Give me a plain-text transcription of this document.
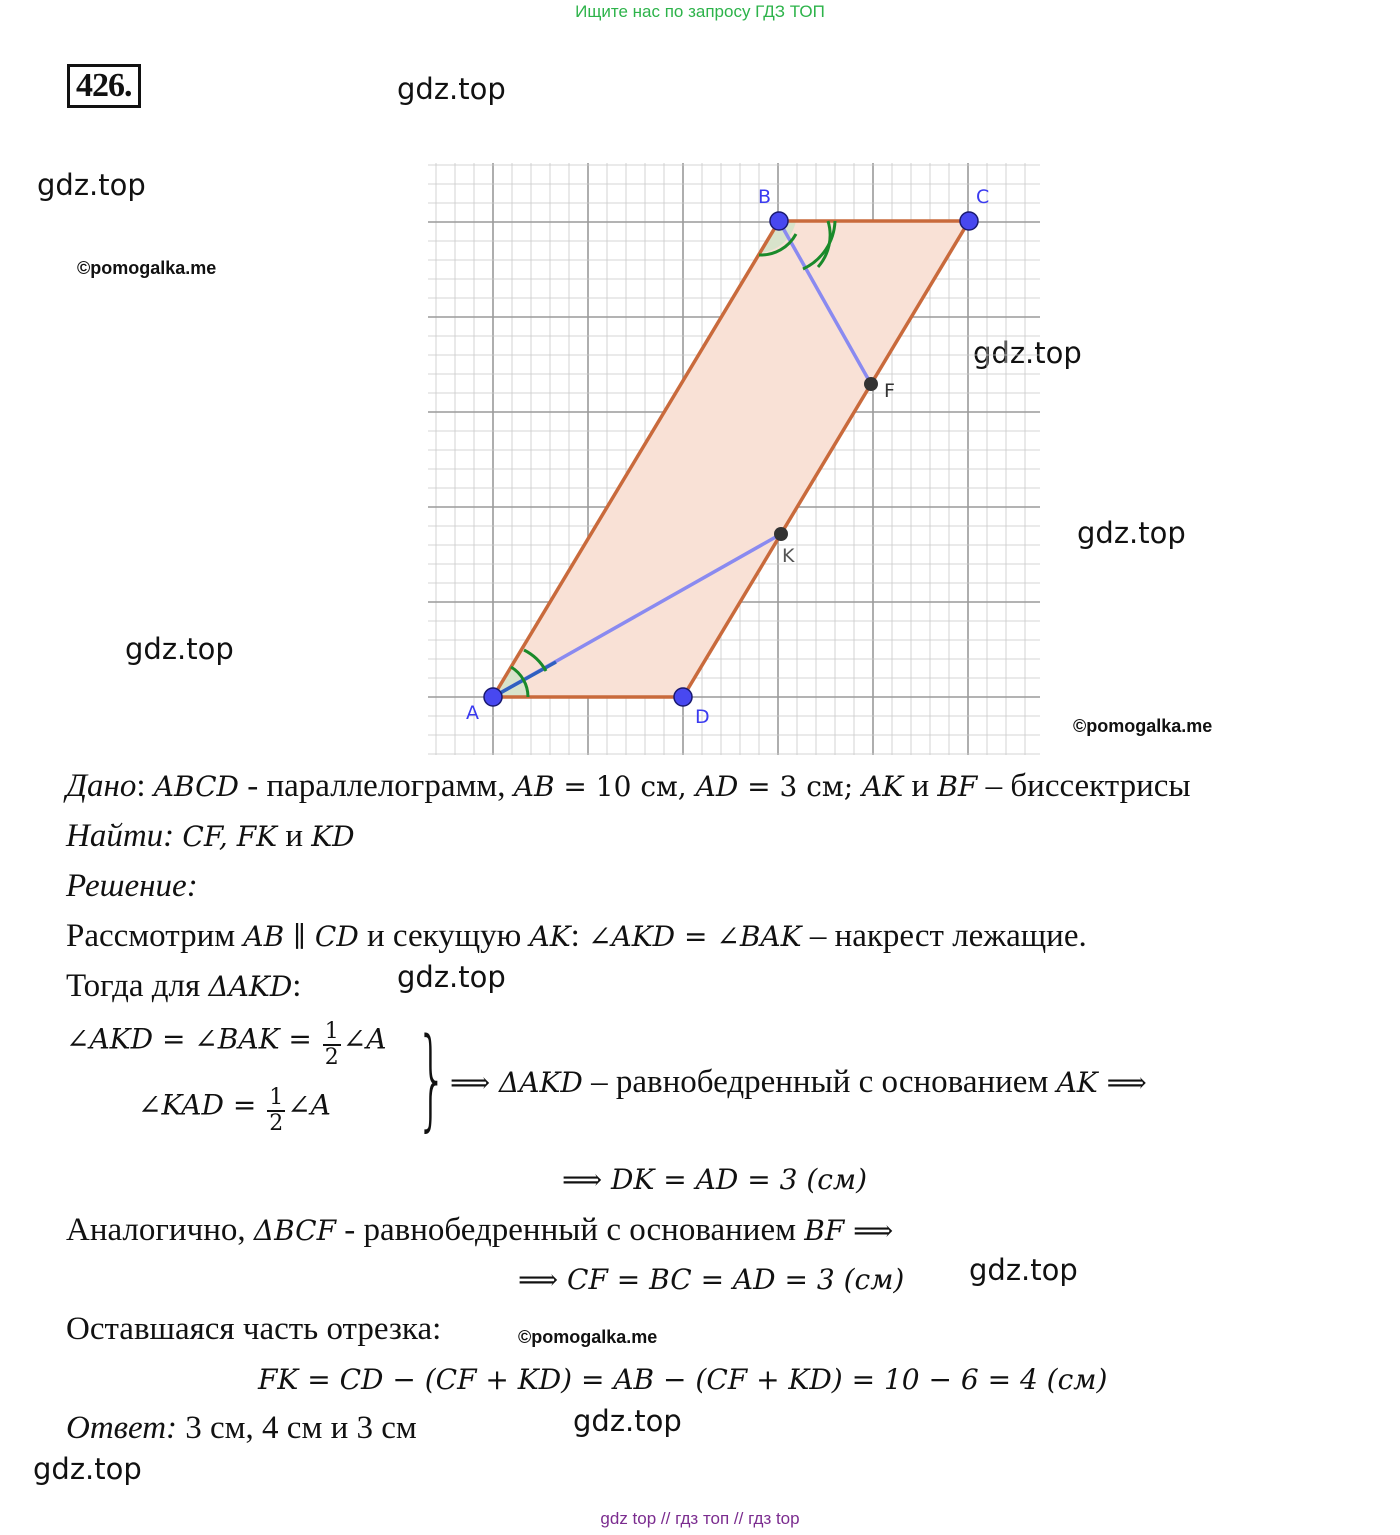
Ищите нас по запросу ГДЗ ТОП
426.	gdz.top
gdz.top
©pomogalka.me
gdz.top
gdz.top
gdz.top
©pomogalka.me
A
B	C
D
F
K
Дано: ABCD - параллелограмм, AB = 10 см, AD = 3 см; AK и BF – биссектрисы
Найти: CF, FK и KD
Решение:
Рассмотрим AB ∥ CD и секущую AK: ∠AKD = ∠BAK – накрест лежащие.
Тогда для ΔAKD:	gdz.top
∠AKD = ∠BAK = $\frac{1}{2}$ ∠A
∠KAD = $\frac{1}{2}$ ∠A } ⟹ ΔAKD – равнобедренный с основанием AK ⟹
⟹ DK = AD = 3 (см)
Аналогично, ΔBCF - равнобедренный с основанием BF ⟹
⟹ CF = BC = AD = 3 (см) gdz.top
Оставшаяся часть отрезка:	©pomogalka.me
FK = CD − (CF + KD) = AB − (CF + KD) = 10 − 6 = 4 (см)
Ответ: 3 см, 4 см и 3 см	gdz.top
gdz.top
gdz top // гдз топ // гдз top
